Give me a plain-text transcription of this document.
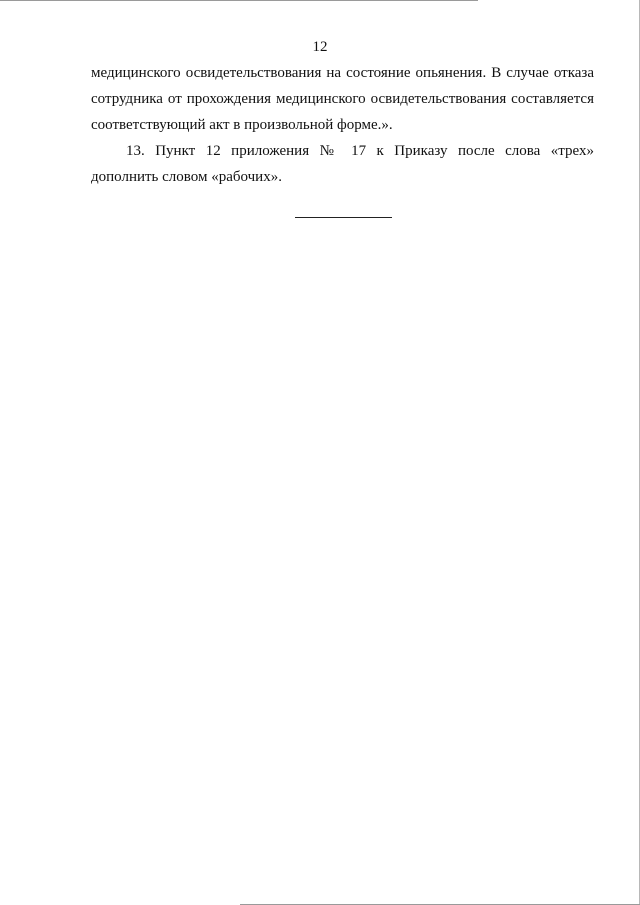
12
медицинского освидетельствования на состояние опьянения. В случае отказа
сотрудника от прохождения медицинского освидетельствования составляется
соответствующий акт в произвольной форме.».
13. Пункт 12 приложения № 17 к Приказу после слова «трех»
дополнить словом «рабочих».
